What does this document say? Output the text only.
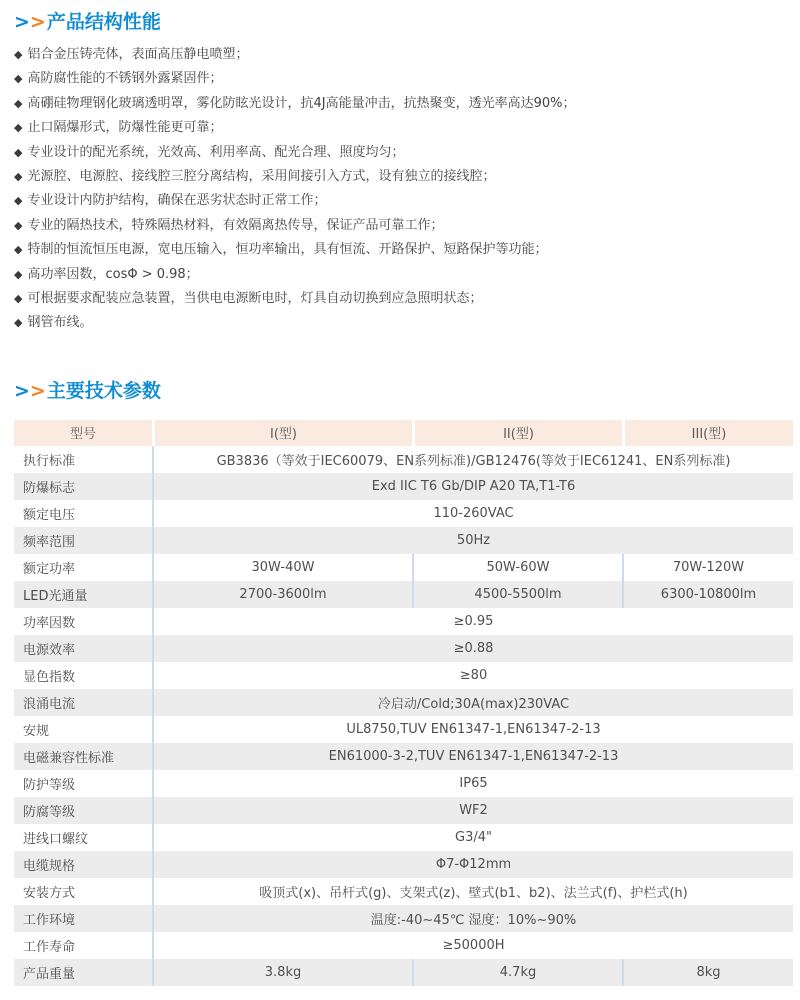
> > 产品结构性能
◆ 铝合金压铸壳体，表面高压静电喷塑；
◆ 高防腐性能的不锈钢外露紧固件；
◆ 高硼硅物理钢化玻璃透明罩，雾化防眩光设计，抗4J高能量冲击，抗热聚变，透光率高达90%；
◆ 止口隔爆形式，防爆性能更可靠；
◆ 专业设计的配光系统，光效高、利用率高、配光合理、照度均匀；
◆ 光源腔、电源腔、接线腔三腔分离结构，采用间接引入方式，设有独立的接线腔；
◆ 专业设计内防护结构，确保在恶劣状态时正常工作；
◆ 专业的隔热技术，特殊隔热材料，有效隔离热传导，保证产品可靠工作；
◆ 特制的恒流恒压电源，宽电压输入，恒功率输出，具有恒流、开路保护、短路保护等功能；
◆ 高功率因数，cosΦ > 0.98；
◆ 可根据要求配装应急装置，当供电电源断电时，灯具自动切换到应急照明状态；
◆ 钢管布线。
> > 主要技术参数
型号	I(型)	II(型)	III(型)
执行标准	GB3836（等效于IEC60079、EN系列标准)/GB12476(等效于IEC61241、EN系列标准)
防爆标志	Exd IIC T6 Gb/DIP A20 TA,T1-T6
额定电压	110-260VAC
频率范围	50Hz
额定功率	30W-40W	50W-60W	70W-120W
LED光通量	2700-3600lm	4500-5500lm	6300-10800lm
功率因数	≥0.95
电源效率	≥0.88
显色指数	≥80
浪涌电流	冷启动/Cold;30A(max)230VAC
安规	UL8750,TUV EN61347-1,EN61347-2-13
电磁兼容性标准	EN61000-3-2,TUV EN61347-1,EN61347-2-13
防护等级	IP65
防腐等级	WF2
进线口螺纹	G3/4"
电缆规格	Φ7-Φ12mm
安装方式	吸顶式(x)、吊杆式(g)、支架式(z)、壁式(b1、b2)、法兰式(f)、护栏式(h)
工作环境	温度:-40~45℃ 湿度：10%~90%
工作寿命	≥50000H
产品重量	3.8kg	4.7kg	8kg
